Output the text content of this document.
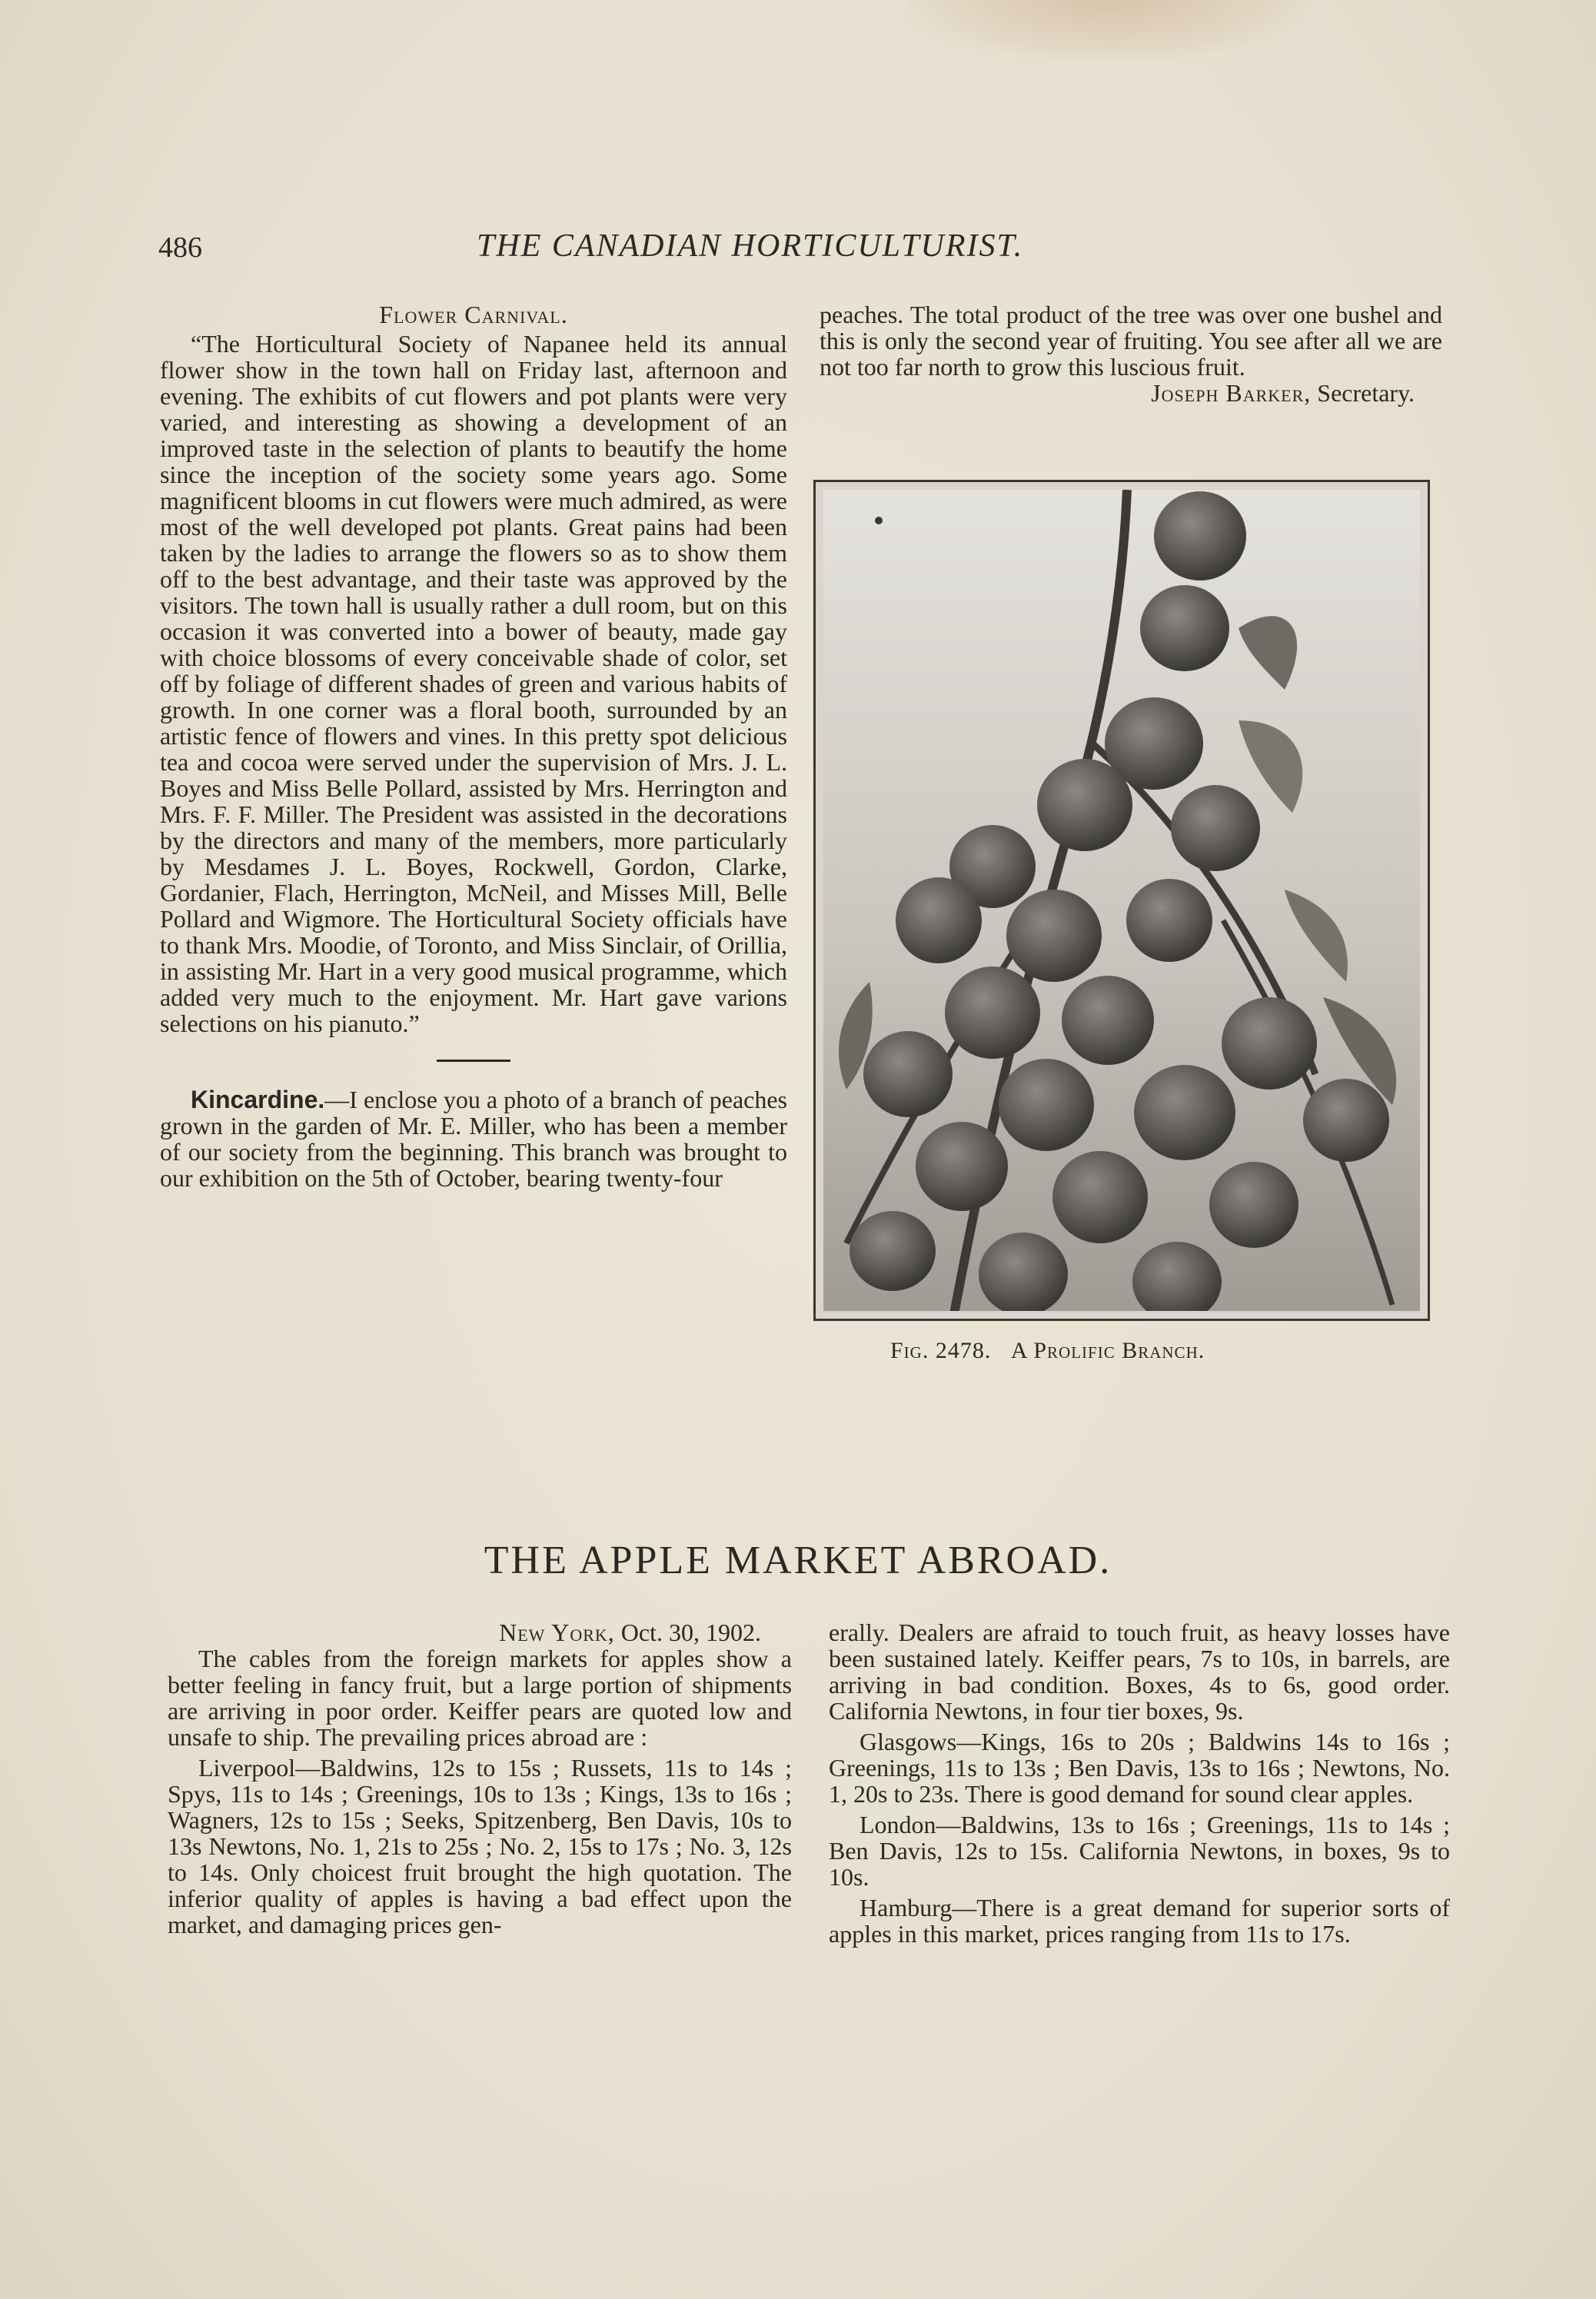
486	THE CANADIAN HORTICULTURIST.

Flower Carnival.

“The Horticultural Society of Napanee held its annual flower show in the town hall on Friday last, afternoon and evening. The exhibits of cut flowers and pot plants were very varied, and interesting as showing a development of an improved taste in the selection of plants to beautify the home since the inception of the society some years ago. Some magnificent blooms in cut flowers were much admired, as were most of the well developed pot plants. Great pains had been taken by the ladies to arrange the flowers so as to show them off to the best advantage, and their taste was approved by the visitors. The town hall is usually rather a dull room, but on this occasion it was converted into a bower of beauty, made gay with choice blossoms of every conceivable shade of color, set off by foliage of different shades of green and various habits of growth. In one corner was a floral booth, surrounded by an artistic fence of flowers and vines. In this pretty spot delicious tea and cocoa were served under the supervision of Mrs. J. L. Boyes and Miss Belle Pollard, assisted by Mrs. Herrington and Mrs. F. F. Miller. The President was assisted in the decorations by the directors and many of the members, more particularly by Mesdames J. L. Boyes, Rockwell, Gordon, Clarke, Gordanier, Flach, Herrington, McNeil, and Misses Mill, Belle Pollard and Wigmore. The Horticultural Society officials have to thank Mrs. Moodie, of Toronto, and Miss Sinclair, of Orillia, in assisting Mr. Hart in a very good musical programme, which added very much to the enjoyment. Mr. Hart gave varions selections on his pianuto.”

Kincardine.—I enclose you a photo of a branch of peaches grown in the garden of Mr. E. Miller, who has been a member of our society from the beginning. This branch was brought to our exhibition on the 5th of October, bearing twenty-four

peaches. The total product of the tree was over one bushel and this is only the second year of fruiting. You see after all we are not too far north to grow this luscious fruit.

Joseph Barker, Secretary.

Fig. 2478. A Prolific Branch.
THE APPLE MARKET ABROAD.

New York, Oct. 30, 1902.

The cables from the foreign markets for apples show a better feeling in fancy fruit, but a large portion of shipments are arriving in poor order. Keiffer pears are quoted low and unsafe to ship. The prevailing prices abroad are :

Liverpool—Baldwins, 12s to 15s ; Russets, 11s to 14s ; Spys, 11s to 14s ; Greenings, 10s to 13s ; Kings, 13s to 16s ; Wagners, 12s to 15s ; Seeks, Spitzenberg, Ben Davis, 10s to 13s Newtons, No. 1, 21s to 25s ; No. 2, 15s to 17s ; No. 3, 12s to 14s. Only choicest fruit brought the high quotation. The inferior quality of apples is having a bad effect upon the market, and damaging prices gen-

erally. Dealers are afraid to touch fruit, as heavy losses have been sustained lately. Keiffer pears, 7s to 10s, in barrels, are arriving in bad condition. Boxes, 4s to 6s, good order. California Newtons, in four tier boxes, 9s.

Glasgows—Kings, 16s to 20s ; Baldwins 14s to 16s ; Greenings, 11s to 13s ; Ben Davis, 13s to 16s ; Newtons, No. 1, 20s to 23s. There is good demand for sound clear apples.

London—Baldwins, 13s to 16s ; Greenings, 11s to 14s ; Ben Davis, 12s to 15s. California Newtons, in boxes, 9s to 10s.

Hamburg—There is a great demand for superior sorts of apples in this market, prices ranging from 11s to 17s.
